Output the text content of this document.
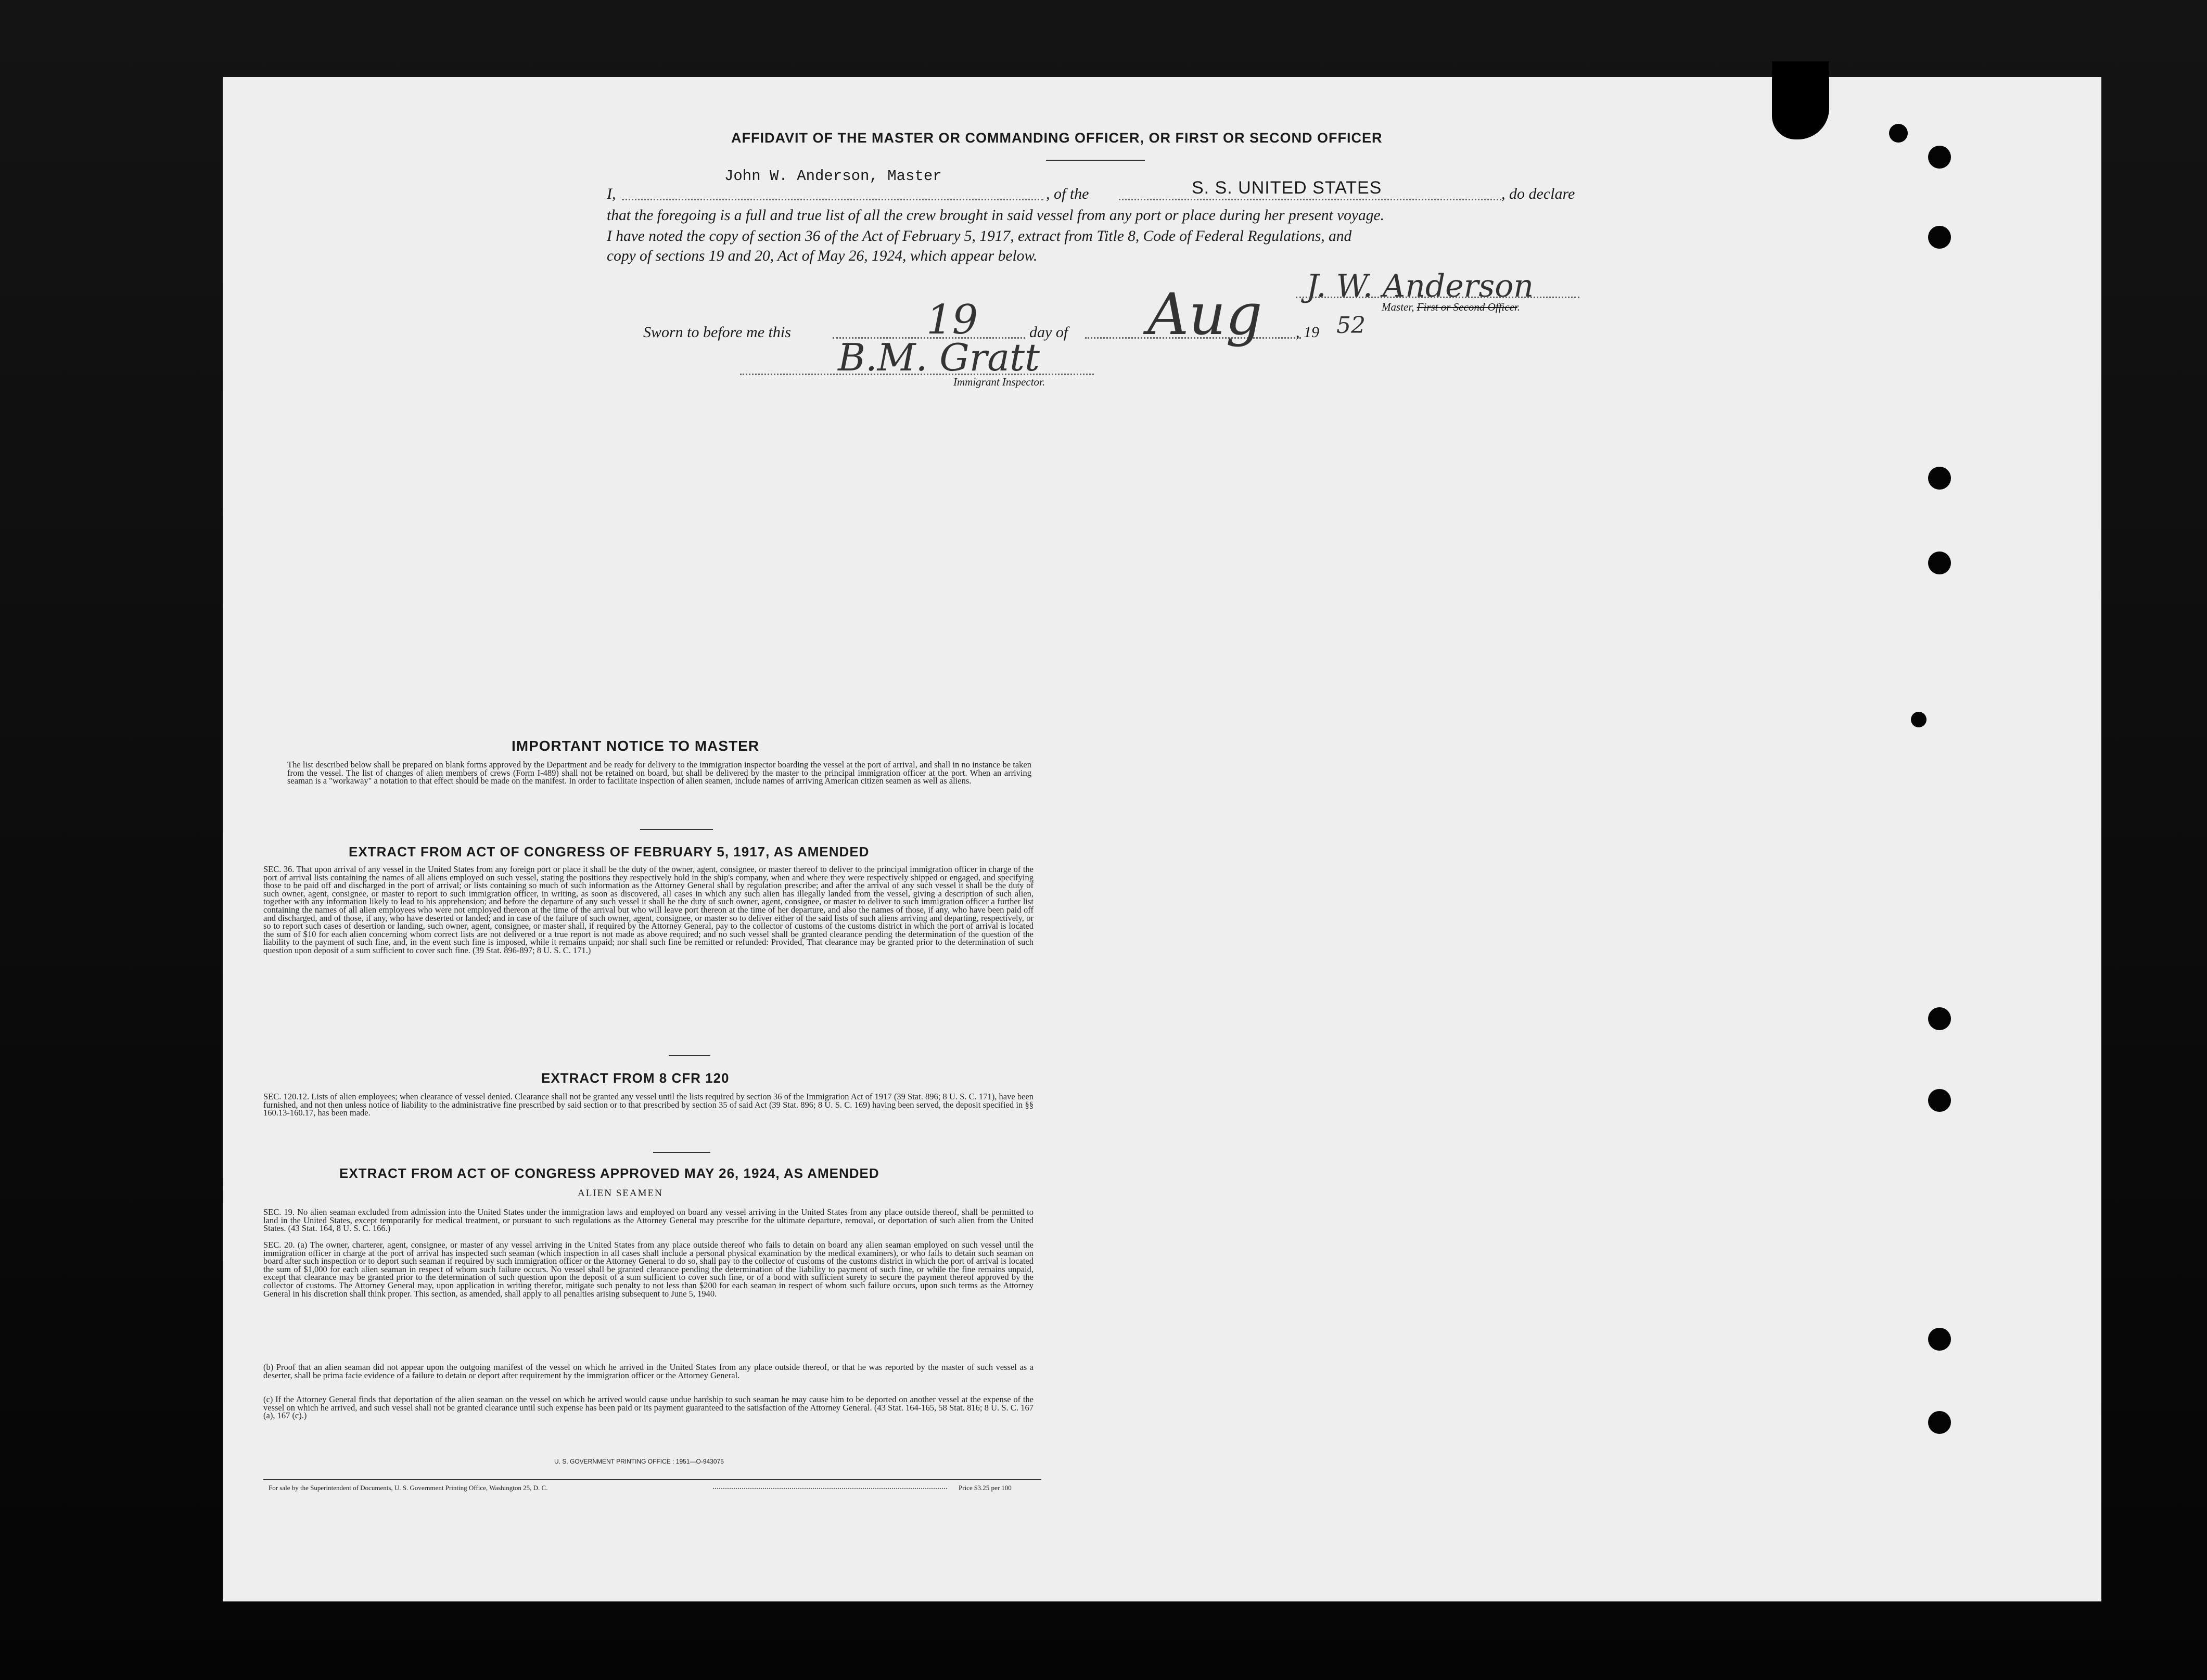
AFFIDAVIT OF THE MASTER OR COMMANDING OFFICER, OR FIRST OR SECOND OFFICER
I,
John W. Anderson, Master
, of the	S. S. UNITED STATES	, do declare
that the foregoing is a full and true list of all the crew brought in said vessel from any port or place during her present voyage.
I have noted the copy of section 36 of the Act of February 5, 1917, extract from Title 8, Code of Federal Regulations, and
copy of sections 19 and 20, Act of May 26, 1924, which appear below.
J. W. Anderson
Master, First or Second Officer.
Sworn to before me this	19	day of Aug , 19 52
B.M. Gratt
Immigrant Inspector.
IMPORTANT NOTICE TO MASTER
The list described below shall be prepared on blank forms approved by the Department and be ready for delivery to the immigration inspector boarding the vessel at the port of arrival, and shall in no instance be taken from the vessel. The list of changes of alien members of crews (Form I-489) shall not be retained on board, but shall be delivered by the master to the principal immigration officer at the port. When an arriving seaman is a "workaway" a notation to that effect should be made on the manifest. In order to facilitate inspection of alien seamen, include names of arriving American citizen seamen as well as aliens.
EXTRACT FROM ACT OF CONGRESS OF FEBRUARY 5, 1917, AS AMENDED
SEC. 36. That upon arrival of any vessel in the United States from any foreign port or place it shall be the duty of the owner, agent, consignee, or master thereof to deliver to the principal immigration officer in charge of the port of arrival lists containing the names of all aliens employed on such vessel, stating the positions they respectively hold in the ship's company, when and where they were respectively shipped or engaged, and specifying those to be paid off and discharged in the port of arrival; or lists containing so much of such information as the Attorney General shall by regulation prescribe; and after the arrival of any such vessel it shall be the duty of such owner, agent, consignee, or master to report to such immigration officer, in writing, as soon as discovered, all cases in which any such alien has illegally landed from the vessel, giving a description of such alien, together with any information likely to lead to his apprehension; and before the departure of any such vessel it shall be the duty of such owner, agent, consignee, or master to deliver to such immigration officer a further list containing the names of all alien employees who were not employed thereon at the time of the arrival but who will leave port thereon at the time of her departure, and also the names of those, if any, who have been paid off and discharged, and of those, if any, who have deserted or landed; and in case of the failure of such owner, agent, consignee, or master so to deliver either of the said lists of such aliens arriving and departing, respectively, or so to report such cases of desertion or landing, such owner, agent, consignee, or master shall, if required by the Attorney General, pay to the collector of customs of the customs district in which the port of arrival is located the sum of $10 for each alien concerning whom correct lists are not delivered or a true report is not made as above required; and no such vessel shall be granted clearance pending the determination of the question of the liability to the payment of such fine, and, in the event such fine is imposed, while it remains unpaid; nor shall such fine be remitted or refunded: Provided, That clearance may be granted prior to the determination of such question upon deposit of a sum sufficient to cover such fine. (39 Stat. 896-897; 8 U. S. C. 171.)
EXTRACT FROM 8 CFR 120
SEC. 120.12. Lists of alien employees; when clearance of vessel denied. Clearance shall not be granted any vessel until the lists required by section 36 of the Immigration Act of 1917 (39 Stat. 896; 8 U. S. C. 171), have been furnished, and not then unless notice of liability to the administrative fine prescribed by said section or to that prescribed by section 35 of said Act (39 Stat. 896; 8 U. S. C. 169) having been served, the deposit specified in §§ 160.13-160.17, has been made.
EXTRACT FROM ACT OF CONGRESS APPROVED MAY 26, 1924, AS AMENDED
ALIEN SEAMEN
SEC. 19. No alien seaman excluded from admission into the United States under the immigration laws and employed on board any vessel arriving in the United States from any place outside thereof, shall be permitted to land in the United States, except temporarily for medical treatment, or pursuant to such regulations as the Attorney General may prescribe for the ultimate departure, removal, or deportation of such alien from the United States. (43 Stat. 164, 8 U. S. C. 166.)
SEC. 20. (a) The owner, charterer, agent, consignee, or master of any vessel arriving in the United States from any place outside thereof who fails to detain on board any alien seaman employed on such vessel until the immigration officer in charge at the port of arrival has inspected such seaman (which inspection in all cases shall include a personal physical examination by the medical examiners), or who fails to detain such seaman on board after such inspection or to deport such seaman if required by such immigration officer or the Attorney General to do so, shall pay to the collector of customs of the customs district in which the port of arrival is located the sum of $1,000 for each alien seaman in respect of whom such failure occurs. No vessel shall be granted clearance pending the determination of the liability to payment of such fine, or while the fine remains unpaid, except that clearance may be granted prior to the determination of such question upon the deposit of a sum sufficient to cover such fine, or of a bond with sufficient surety to secure the payment thereof approved by the collector of customs. The Attorney General may, upon application in writing therefor, mitigate such penalty to not less than $200 for each seaman in respect of whom such failure occurs, upon such terms as the Attorney General in his discretion shall think proper. This section, as amended, shall apply to all penalties arising subsequent to June 5, 1940.
(b) Proof that an alien seaman did not appear upon the outgoing manifest of the vessel on which he arrived in the United States from any place outside thereof, or that he was reported by the master of such vessel as a deserter, shall be prima facie evidence of a failure to detain or deport after requirement by the immigration officer or the Attorney General.
(c) If the Attorney General finds that deportation of the alien seaman on the vessel on which he arrived would cause undue hardship to such seaman he may cause him to be deported on another vessel at the expense of the vessel on which he arrived, and such vessel shall not be granted clearance until such expense has been paid or its payment guaranteed to the satisfaction of the Attorney General. (43 Stat. 164-165, 58 Stat. 816; 8 U. S. C. 167 (a), 167 (c).)
U. S. GOVERNMENT PRINTING OFFICE : 1951—O-943075
For sale by the Superintendent of Documents, U. S. Government Printing Office, Washington 25, D. C.	Price $3.25 per 100
